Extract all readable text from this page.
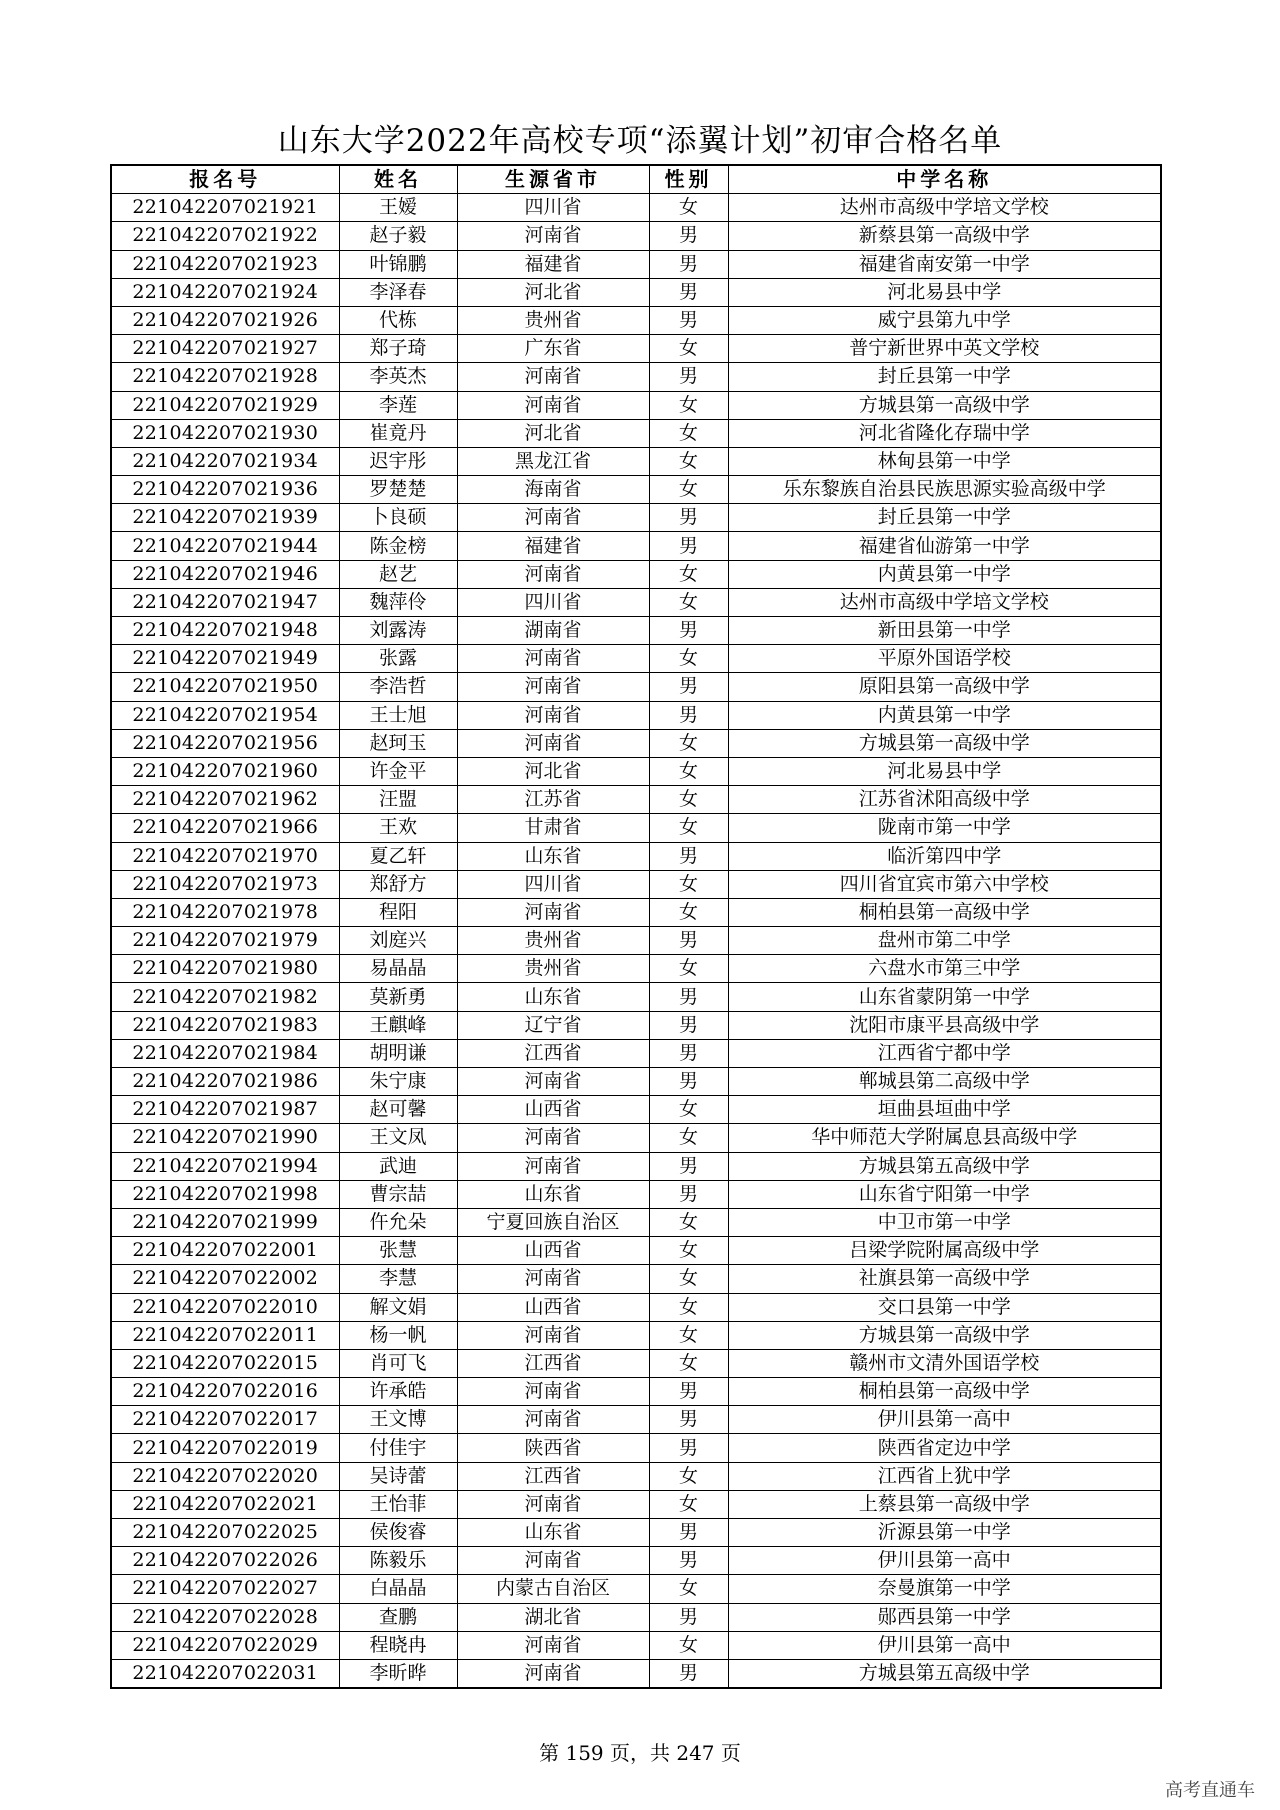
山东大学2022年高校专项“添翼计划”初审合格名单
报名号	姓名	生源省市	性别	中学名称
221042207021921	王嫒	四川省	女	达州市高级中学培文学校
221042207021922	赵子毅	河南省	男	新蔡县第一高级中学
221042207021923	叶锦鹏	福建省	男	福建省南安第一中学
221042207021924	李泽春	河北省	男	河北易县中学
221042207021926	代栋	贵州省	男	威宁县第九中学
221042207021927	郑子琦	广东省	女	普宁新世界中英文学校
221042207021928	李英杰	河南省	男	封丘县第一中学
221042207021929	李莲	河南省	女	方城县第一高级中学
221042207021930	崔竟丹	河北省	女	河北省隆化存瑞中学
221042207021934	迟宇彤	黑龙江省	女	林甸县第一中学
221042207021936	罗楚楚	海南省	女	乐东黎族自治县民族思源实验高级中学
221042207021939	卜良硕	河南省	男	封丘县第一中学
221042207021944	陈金榜	福建省	男	福建省仙游第一中学
221042207021946	赵艺	河南省	女	内黄县第一中学
221042207021947	魏萍伶	四川省	女	达州市高级中学培文学校
221042207021948	刘露涛	湖南省	男	新田县第一中学
221042207021949	张露	河南省	女	平原外国语学校
221042207021950	李浩哲	河南省	男	原阳县第一高级中学
221042207021954	王士旭	河南省	男	内黄县第一中学
221042207021956	赵珂玉	河南省	女	方城县第一高级中学
221042207021960	许金平	河北省	女	河北易县中学
221042207021962	汪盟	江苏省	女	江苏省沭阳高级中学
221042207021966	王欢	甘肃省	女	陇南市第一中学
221042207021970	夏乙轩	山东省	男	临沂第四中学
221042207021973	郑舒方	四川省	女	四川省宜宾市第六中学校
221042207021978	程阳	河南省	女	桐柏县第一高级中学
221042207021979	刘庭兴	贵州省	男	盘州市第二中学
221042207021980	易晶晶	贵州省	女	六盘水市第三中学
221042207021982	莫新勇	山东省	男	山东省蒙阴第一中学
221042207021983	王麒峰	辽宁省	男	沈阳市康平县高级中学
221042207021984	胡明谦	江西省	男	江西省宁都中学
221042207021986	朱宁康	河南省	男	郸城县第二高级中学
221042207021987	赵可馨	山西省	女	垣曲县垣曲中学
221042207021990	王文凤	河南省	女	华中师范大学附属息县高级中学
221042207021994	武迪	河南省	男	方城县第五高级中学
221042207021998	曹宗喆	山东省	男	山东省宁阳第一中学
221042207021999	仵允朵	宁夏回族自治区	女	中卫市第一中学
221042207022001	张慧	山西省	女	吕梁学院附属高级中学
221042207022002	李慧	河南省	女	社旗县第一高级中学
221042207022010	解文娟	山西省	女	交口县第一中学
221042207022011	杨一帆	河南省	女	方城县第一高级中学
221042207022015	肖可飞	江西省	女	赣州市文清外国语学校
221042207022016	许承皓	河南省	男	桐柏县第一高级中学
221042207022017	王文博	河南省	男	伊川县第一高中
221042207022019	付佳宇	陕西省	男	陕西省定边中学
221042207022020	吴诗蕾	江西省	女	江西省上犹中学
221042207022021	王怡菲	河南省	女	上蔡县第一高级中学
221042207022025	侯俊睿	山东省	男	沂源县第一中学
221042207022026	陈毅乐	河南省	男	伊川县第一高中
221042207022027	白晶晶	内蒙古自治区	女	奈曼旗第一中学
221042207022028	查鹏	湖北省	男	郧西县第一中学
221042207022029	程晓冉	河南省	女	伊川县第一高中
221042207022031	李昕晔	河南省	男	方城县第五高级中学
第 159 页，共 247 页
高考直通车
